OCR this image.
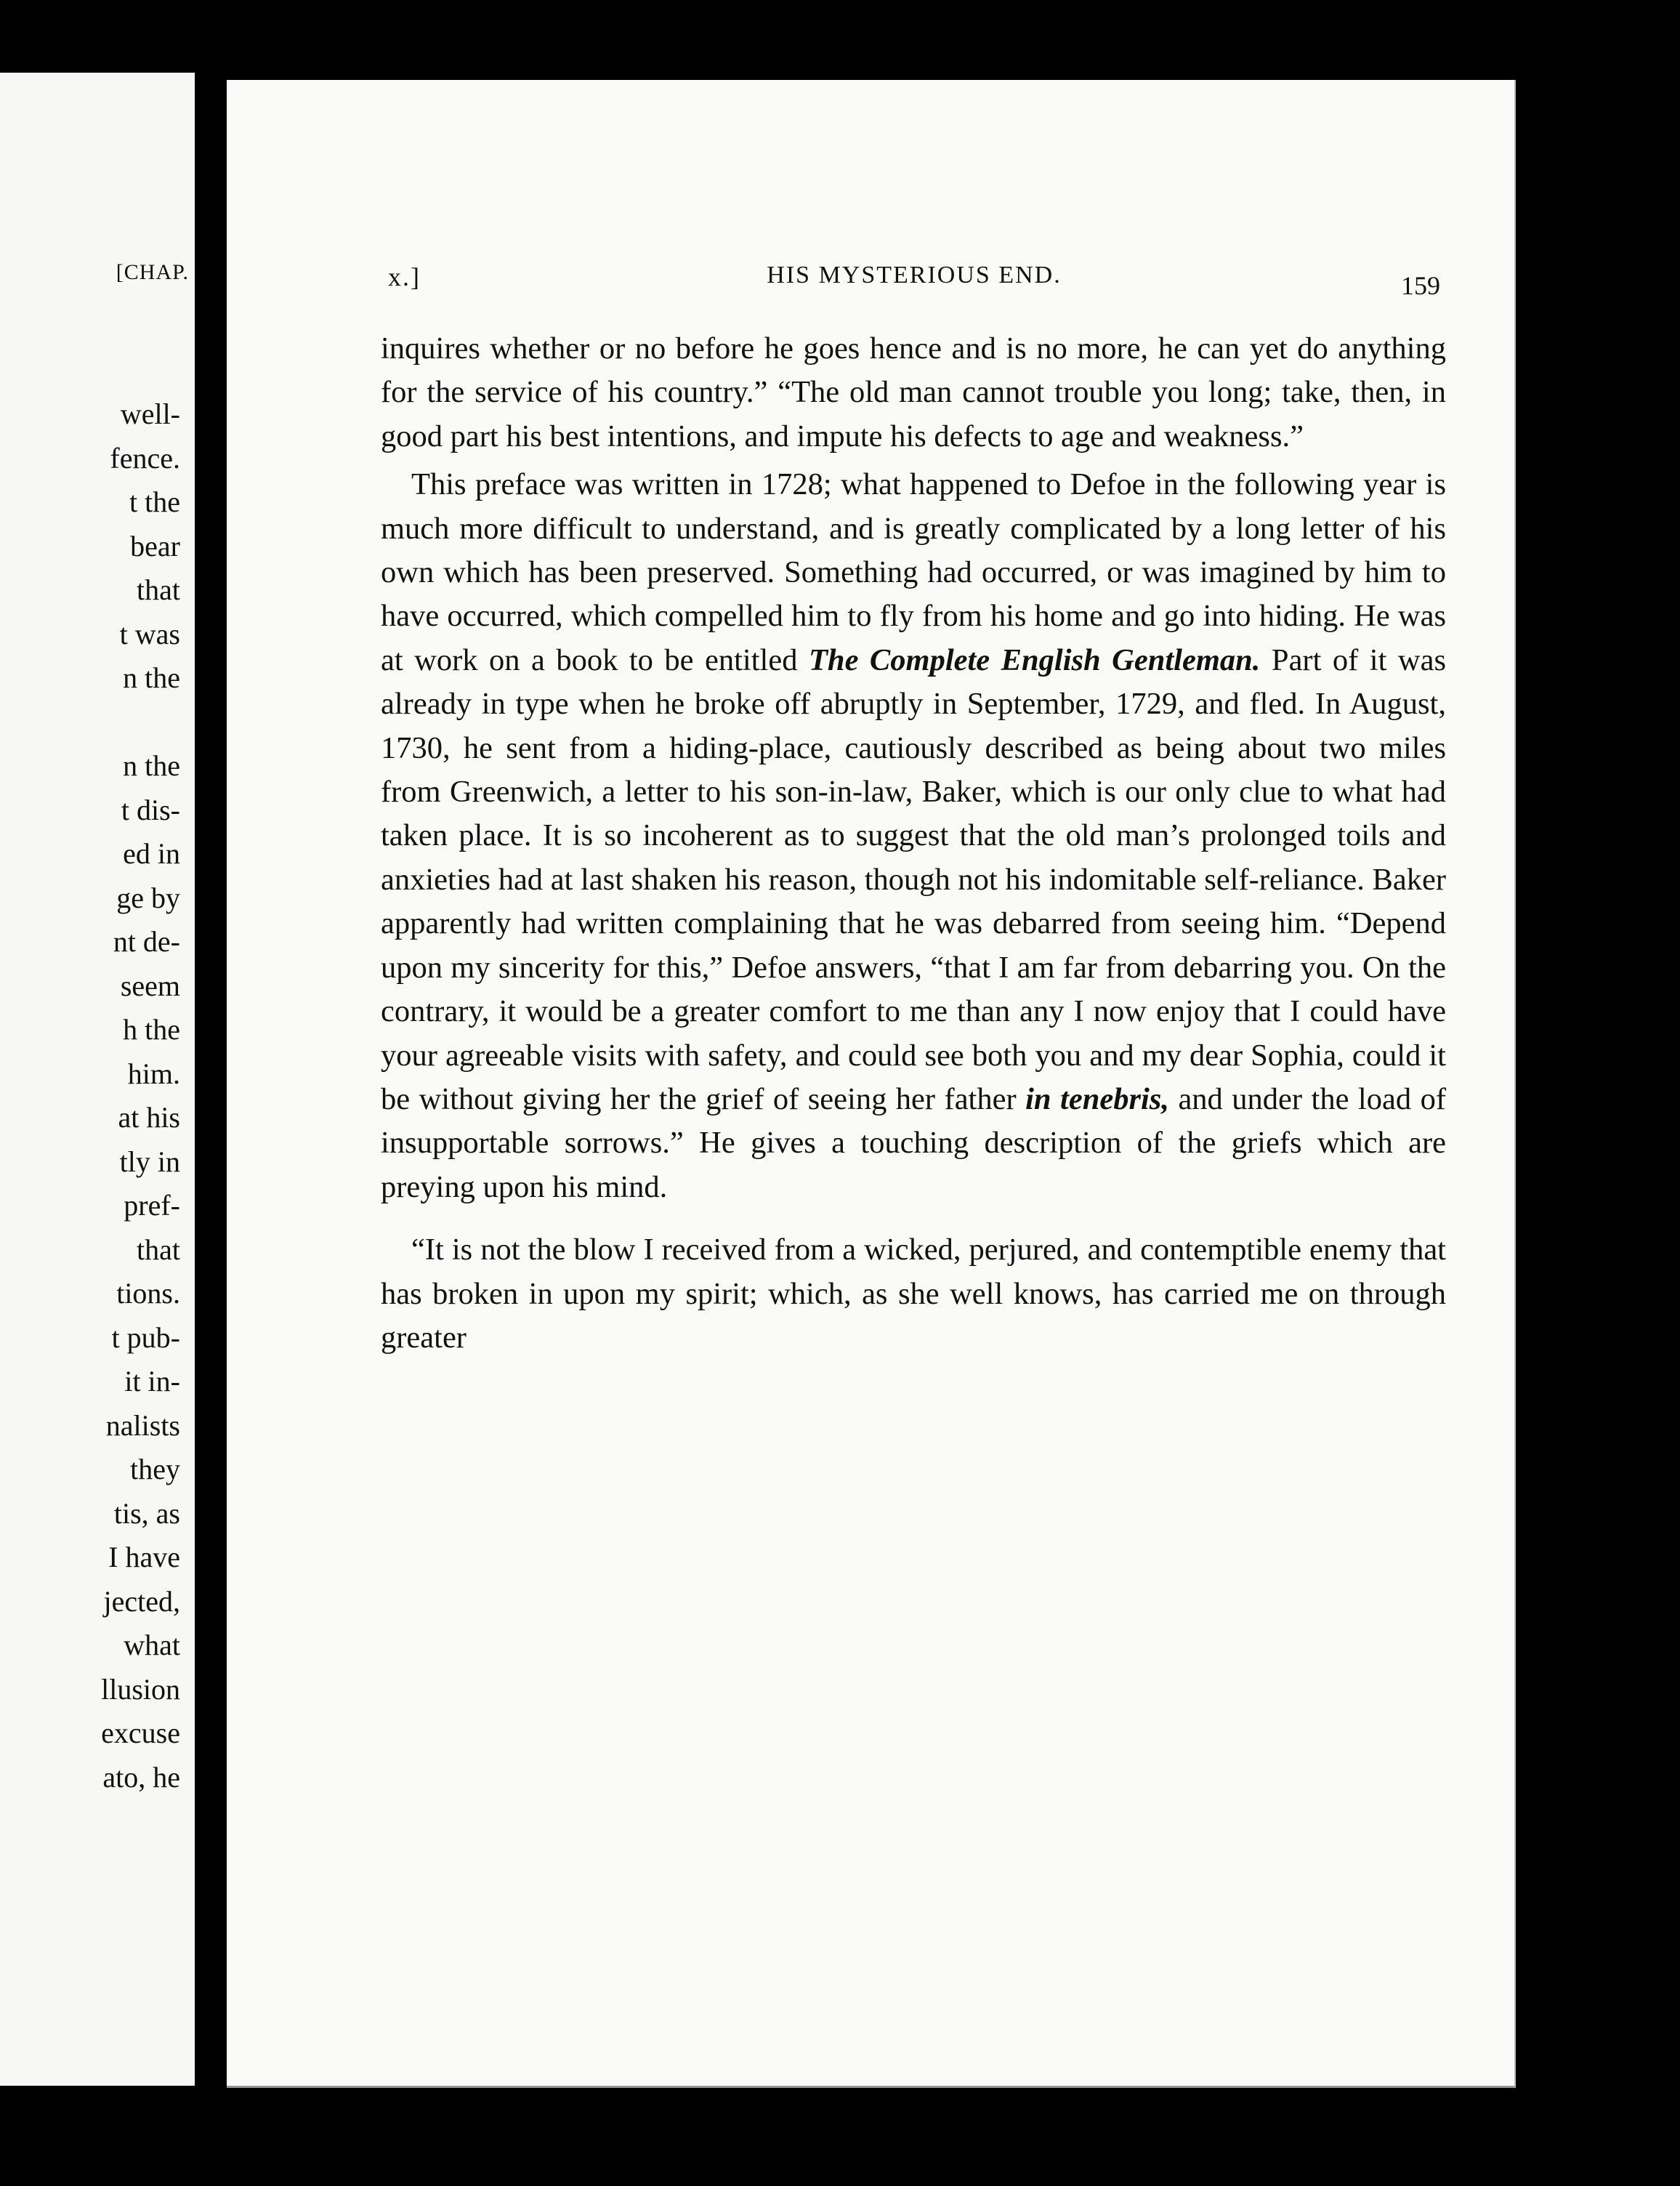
[CHAP.
well-
fence.
t the
bear
that
t was
n the
n the
t dis-
ed in
ge by
nt de-
seem
h the
him.
at his
tly in
pref-
that
tions.
t pub-
it in-
nalists
they
tis, as
I have
jected,
what
llusion
excuse
ato, he
x.]	HIS MYSTERIOUS END.	159

inquires whether or no before he goes hence and is no more, he can yet do anything for the service of his country.” “The old man cannot trouble you long; take, then, in good part his best intentions, and impute his defects to age and weakness.”

This preface was written in 1728; what happened to Defoe in the following year is much more difficult to understand, and is greatly complicated by a long letter of his own which has been preserved. Something had occurred, or was imagined by him to have occurred, which compelled him to fly from his home and go into hiding. He was at work on a book to be entitled The Complete English Gentleman. Part of it was already in type when he broke off abruptly in September, 1729, and fled. In August, 1730, he sent from a hiding-place, cautiously described as being about two miles from Greenwich, a letter to his son-in-law, Baker, which is our only clue to what had taken place. It is so incoherent as to suggest that the old man’s prolonged toils and anxieties had at last shaken his reason, though not his indomitable self-reliance. Baker apparently had written complaining that he was debarred from seeing him. “Depend upon my sincerity for this,” Defoe answers, “that I am far from debarring you. On the contrary, it would be a greater comfort to me than any I now enjoy that I could have your agreeable visits with safety, and could see both you and my dear Sophia, could it be without giving her the grief of seeing her father in tenebris, and under the load of insupportable sorrows.” He gives a touching description of the griefs which are preying upon his mind.

“It is not the blow I received from a wicked, perjured, and contemptible enemy that has broken in upon my spirit; which, as she well knows, has carried me on through greater
